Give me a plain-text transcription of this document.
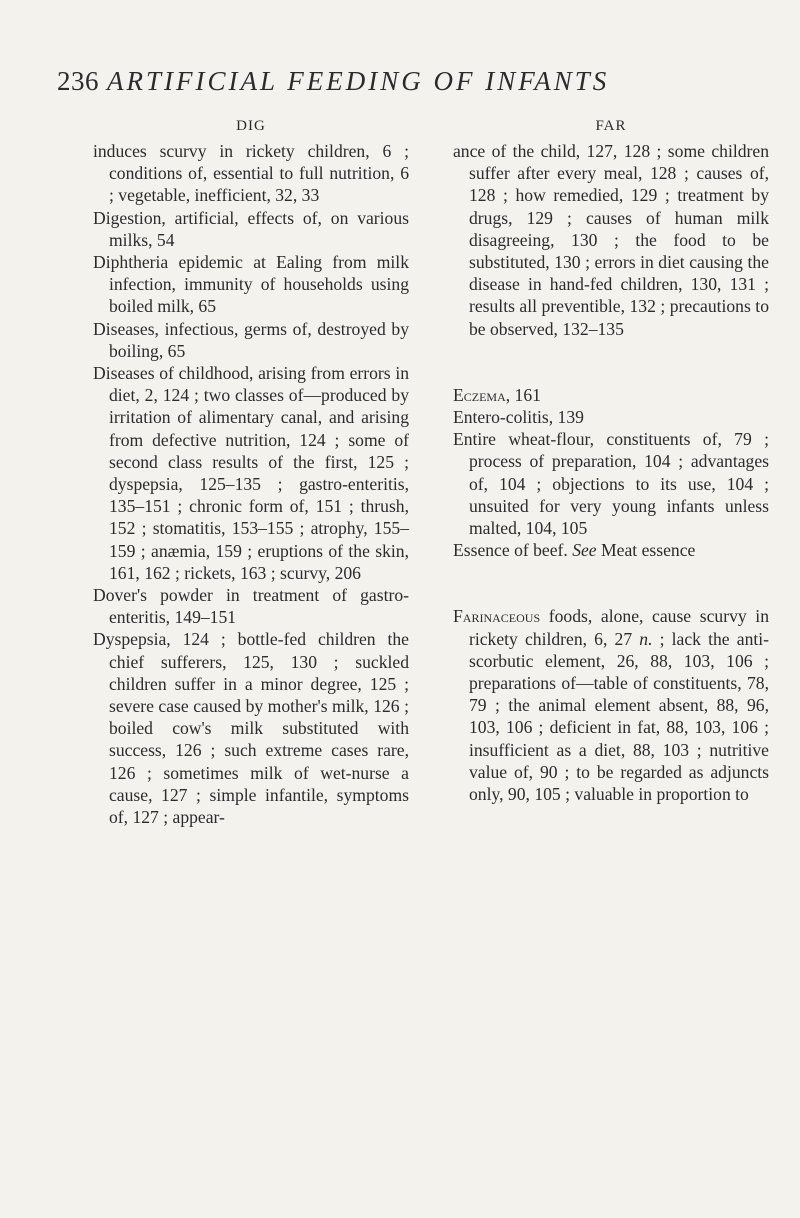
236 ARTIFICIAL FEEDING OF INFANTS
DIG

induces scurvy in rickety children, 6 ; conditions of, essential to full nutrition, 6 ; vegetable, inefficient, 32, 33

Digestion, artificial, effects of, on various milks, 54

Diphtheria epidemic at Ealing from milk infection, immunity of households using boiled milk, 65

Diseases, infectious, germs of, destroyed by boiling, 65

Diseases of childhood, arising from errors in diet, 2, 124 ; two classes of—produced by irritation of alimentary canal, and arising from defective nutrition, 124 ; some of second class results of the first, 125 ; dyspepsia, 125–135 ; gastro-enteritis, 135–151 ; chronic form of, 151 ; thrush, 152 ; stomatitis, 153–155 ; atrophy, 155–159 ; anæmia, 159 ; eruptions of the skin, 161, 162 ; rickets, 163 ; scurvy, 206

Dover's powder in treatment of gastro-enteritis, 149–151

Dyspepsia, 124 ; bottle-fed children the chief sufferers, 125, 130 ; suckled children suffer in a minor degree, 125 ; severe case caused by mother's milk, 126 ; boiled cow's milk substituted with success, 126 ; such extreme cases rare, 126 ; sometimes milk of wet-nurse a cause, 127 ; simple infantile, symptoms of, 127 ; appear-

FAR

ance of the child, 127, 128 ; some children suffer after every meal, 128 ; causes of, 128 ; how remedied, 129 ; treatment by drugs, 129 ; causes of human milk disagreeing, 130 ; the food to be substituted, 130 ; errors in diet causing the disease in hand-fed children, 130, 131 ; results all preventible, 132 ; precautions to be observed, 132–135

Eczema, 161

Entero-colitis, 139

Entire wheat-flour, constituents of, 79 ; process of preparation, 104 ; advantages of, 104 ; objections to its use, 104 ; unsuited for very young infants unless malted, 104, 105

Essence of beef. See Meat essence

Farinaceous foods, alone, cause scurvy in rickety children, 6, 27 n. ; lack the anti-scorbutic element, 26, 88, 103, 106 ; preparations of—table of constituents, 78, 79 ; the animal element absent, 88, 96, 103, 106 ; deficient in fat, 88, 103, 106 ; insufficient as a diet, 88, 103 ; nutritive value of, 90 ; to be regarded as adjuncts only, 90, 105 ; valuable in proportion to
